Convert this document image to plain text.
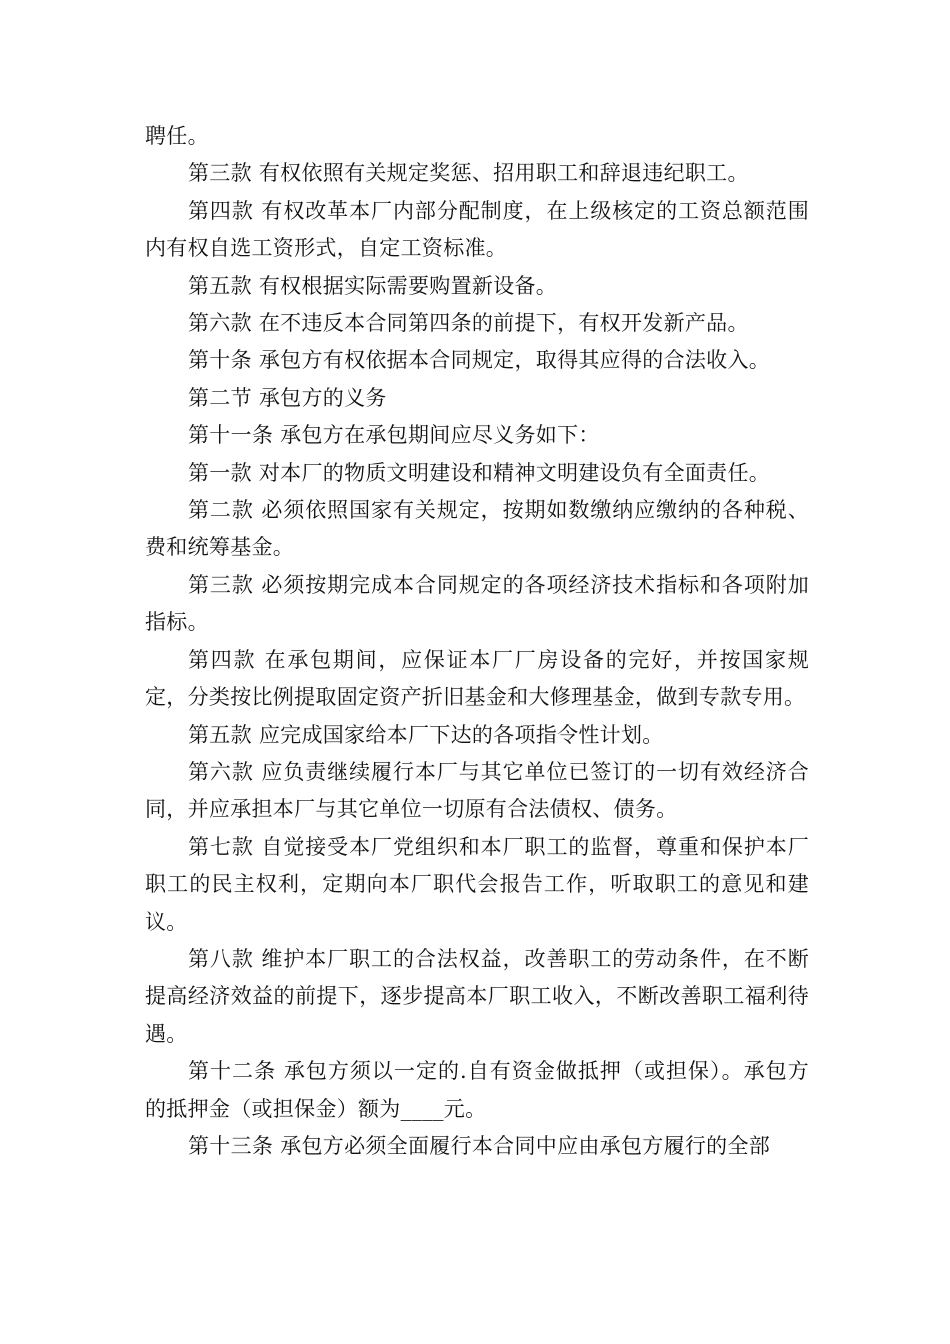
聘任。

第三款 有权依照有关规定奖惩、招用职工和辞退违纪职工。

第四款 有权改革本厂内部分配制度，在上级核定的工资总额范围内有权自选工资形式，自定工资标准。

第五款 有权根据实际需要购置新设备。

第六款 在不违反本合同第四条的前提下，有权开发新产品。

第十条 承包方有权依据本合同规定，取得其应得的合法收入。

第二节 承包方的义务

第十一条 承包方在承包期间应尽义务如下：

第一款 对本厂的物质文明建设和精神文明建设负有全面责任。

第二款 必须依照国家有关规定，按期如数缴纳应缴纳的各种税、费和统筹基金。

第三款 必须按期完成本合同规定的各项经济技术指标和各项附加指标。

第四款 在承包期间，应保证本厂厂房设备的完好，并按国家规定，分类按比例提取固定资产折旧基金和大修理基金，做到专款专用。

第五款 应完成国家给本厂下达的各项指令性计划。

第六款 应负责继续履行本厂与其它单位已签订的一切有效经济合同，并应承担本厂与其它单位一切原有合法债权、债务。

第七款 自觉接受本厂党组织和本厂职工的监督，尊重和保护本厂职工的民主权利，定期向本厂职代会报告工作，听取职工的意见和建议。

第八款 维护本厂职工的合法权益，改善职工的劳动条件，在不断提高经济效益的前提下，逐步提高本厂职工收入，不断改善职工福利待遇。

第十二条 承包方须以一定的.自有资金做抵押（或担保）。承包方的抵押金（或担保金）额为____元。

第十三条 承包方必须全面履行本合同中应由承包方履行的全部
